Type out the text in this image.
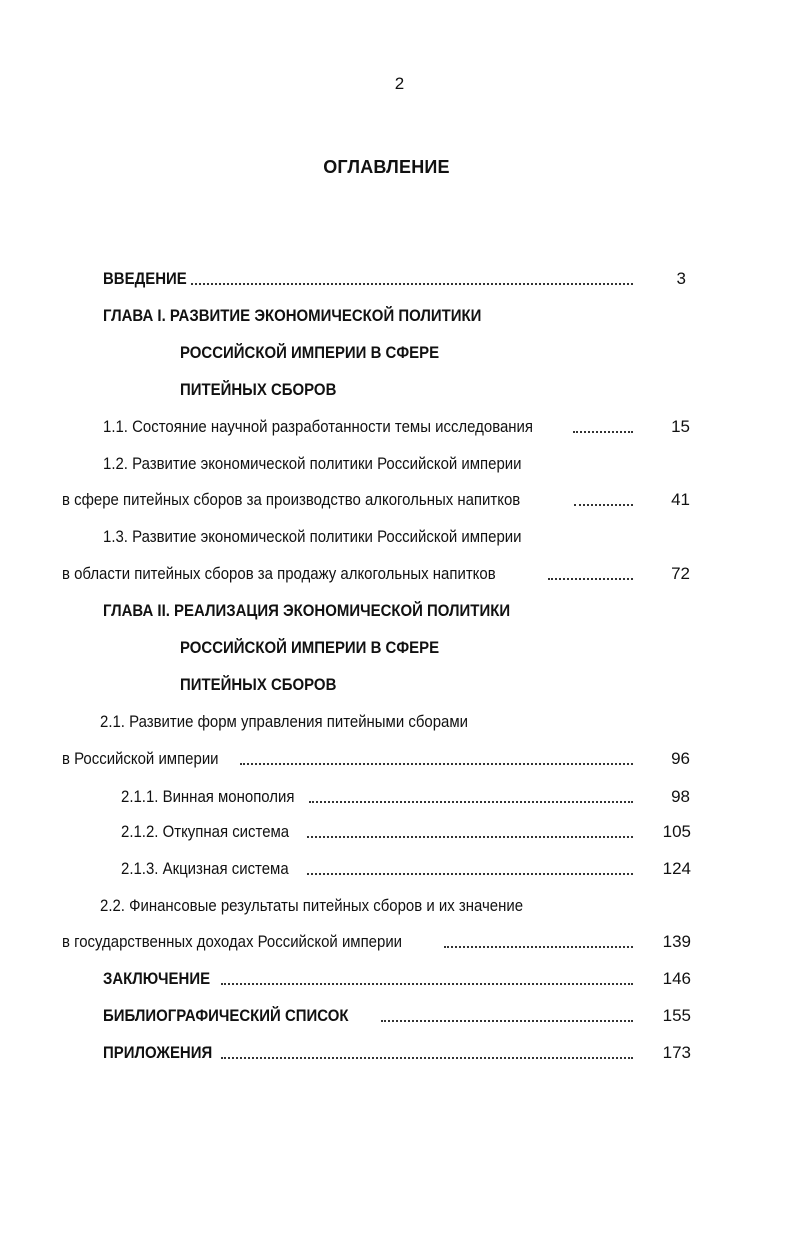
2
ОГЛАВЛЕНИЕ
ВВЕДЕНИЕ	3
ГЛАВА I. РАЗВИТИЕ ЭКОНОМИЧЕСКОЙ ПОЛИТИКИ
РОССИЙСКОЙ ИМПЕРИИ В СФЕРЕ
ПИТЕЙНЫХ СБОРОВ
1.1. Состояние научной разработанности темы исследования	15
1.2. Развитие экономической политики Российской империи
в сфере питейных сборов за производство алкогольных напитков	41
1.3. Развитие экономической политики Российской империи
в области питейных сборов за продажу алкогольных напитков	72
ГЛАВА II. РЕАЛИЗАЦИЯ ЭКОНОМИЧЕСКОЙ ПОЛИТИКИ
РОССИЙСКОЙ ИМПЕРИИ В СФЕРЕ
ПИТЕЙНЫХ СБОРОВ
2.1. Развитие форм управления питейными сборами
в Российской империи	96
2.1.1. Винная монополия	98
2.1.2. Откупная система	105
2.1.3. Акцизная система	124
2.2. Финансовые результаты питейных сборов и их значение
в государственных доходах Российской империи	139
ЗАКЛЮЧЕНИЕ	146
БИБЛИОГРАФИЧЕСКИЙ СПИСОК	155
ПРИЛОЖЕНИЯ	173
